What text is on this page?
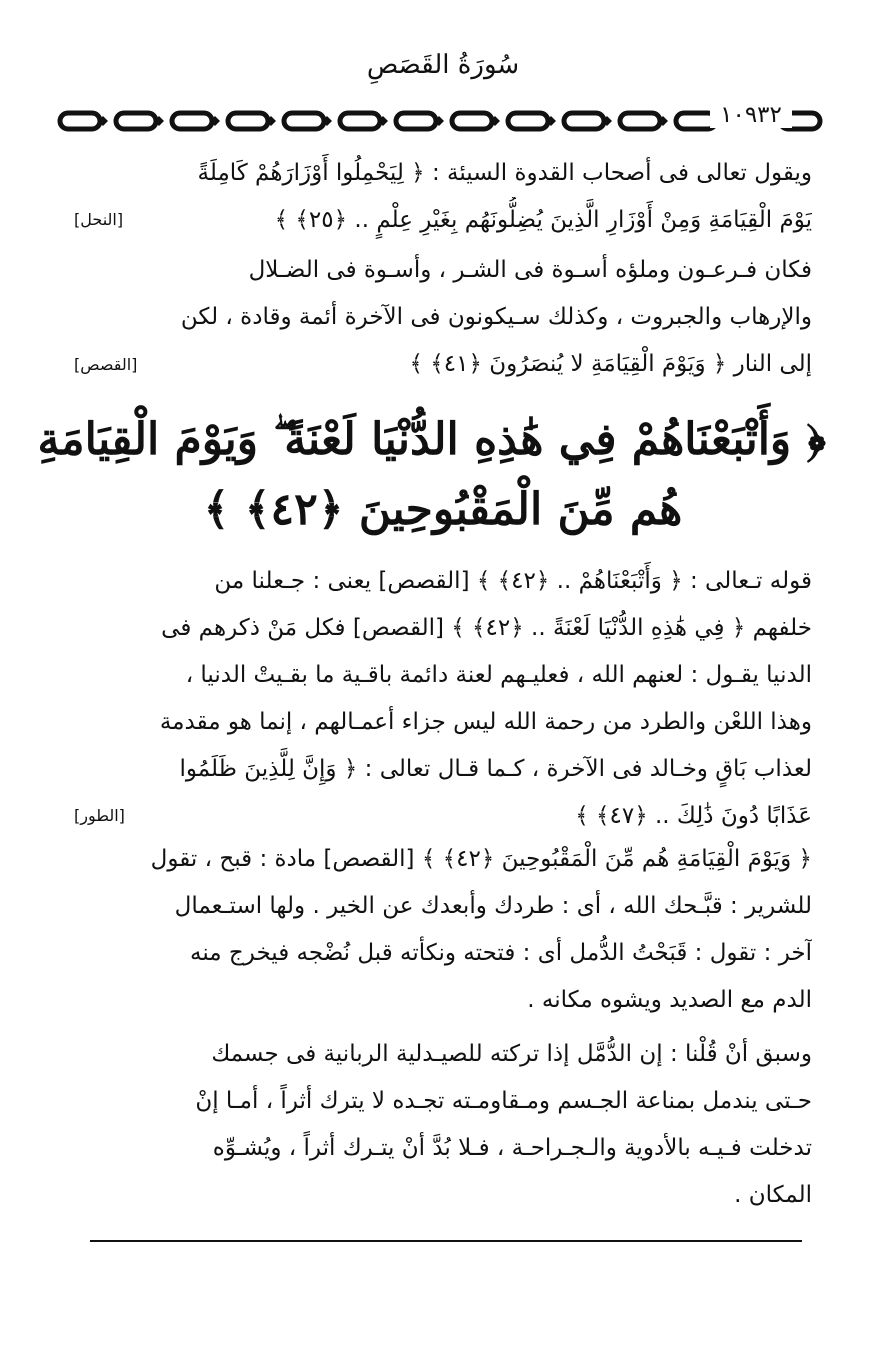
سُورَةُ القَصَصِ
١٠٩٣٢
ويقول تعالى فى أصحاب القدوة السيئة : ﴿ لِيَحْمِلُوا أَوْزَارَهُمْ كَامِلَةً
يَوْمَ الْقِيَامَةِ وَمِنْ أَوْزَارِ الَّذِينَ يُضِلُّونَهُم بِغَيْرِ عِلْمٍ .. ﴿٢٥﴾ ﴾
[النحل]
فكان فـرعـون وملؤه أسـوة فى الشـر ، وأسـوة فى الضـلال
والإرهاب والجبروت ، وكذلك سـيكونون فى الآخرة أئمة وقادة ، لكن
إلى النار ﴿ وَيَوْمَ الْقِيَامَةِ لا يُنصَرُونَ ﴿٤١﴾ ﴾
[القصص]
﴿ وَأَتْبَعْنَاهُمْ فِي هَٰذِهِ الدُّنْيَا لَعْنَةً ۖ وَيَوْمَ الْقِيَامَةِ
هُم مِّنَ الْمَقْبُوحِينَ ﴿٤٢﴾ ﴾
قوله تـعالى : ﴿ وَأَتْبَعْنَاهُمْ .. ﴿٤٢﴾ ﴾ [القصص] يعنى : جـعلنا من
خلفهم ﴿ فِي هَٰذِهِ الدُّنْيَا لَعْنَةً .. ﴿٤٢﴾ ﴾ [القصص] فكل مَنْ ذكرهم فى
الدنيا يقـول : لعنهم الله ، فعليـهم لعنة دائمة باقـية ما بقـيتْ الدنيا ،
وهذا اللعْن والطرد من رحمة الله ليس جزاء أعمـالهم ، إنما هو مقدمة
لعذاب بَاقٍ وخـالد فى الآخرة ، كـما قـال تعالى : ﴿ وَإِنَّ لِلَّذِينَ ظَلَمُوا
عَذَابًا دُونَ ذَٰلِكَ .. ﴿٤٧﴾ ﴾
[الطور]
﴿ وَيَوْمَ الْقِيَامَةِ هُم مِّنَ الْمَقْبُوحِينَ ﴿٤٢﴾ ﴾ [القصص] مادة : قبح ، تقول
للشرير : قبَّـحك الله ، أى : طردك وأبعدك عن الخير . ولها استـعمال
آخر : تقول : قَبَحْتُ الدُّمل أى : فتحته ونكأته قبل نُضْجه فيخرج منه
الدم مع الصديد ويشوه مكانه .
وسبق أنْ قُلْنا : إن الدُّمَّل إذا تركته للصيـدلية الربانية فى جسمك
حـتى يندمل بمناعة الجـسم ومـقاومـته تجـده لا يترك أثراً ، أمـا إنْ
تدخلت فـيـه بالأدوية والـجـراحـة ، فـلا بُدَّ أنْ يتـرك أثراً ، ويُشـوِّه
المكان .
